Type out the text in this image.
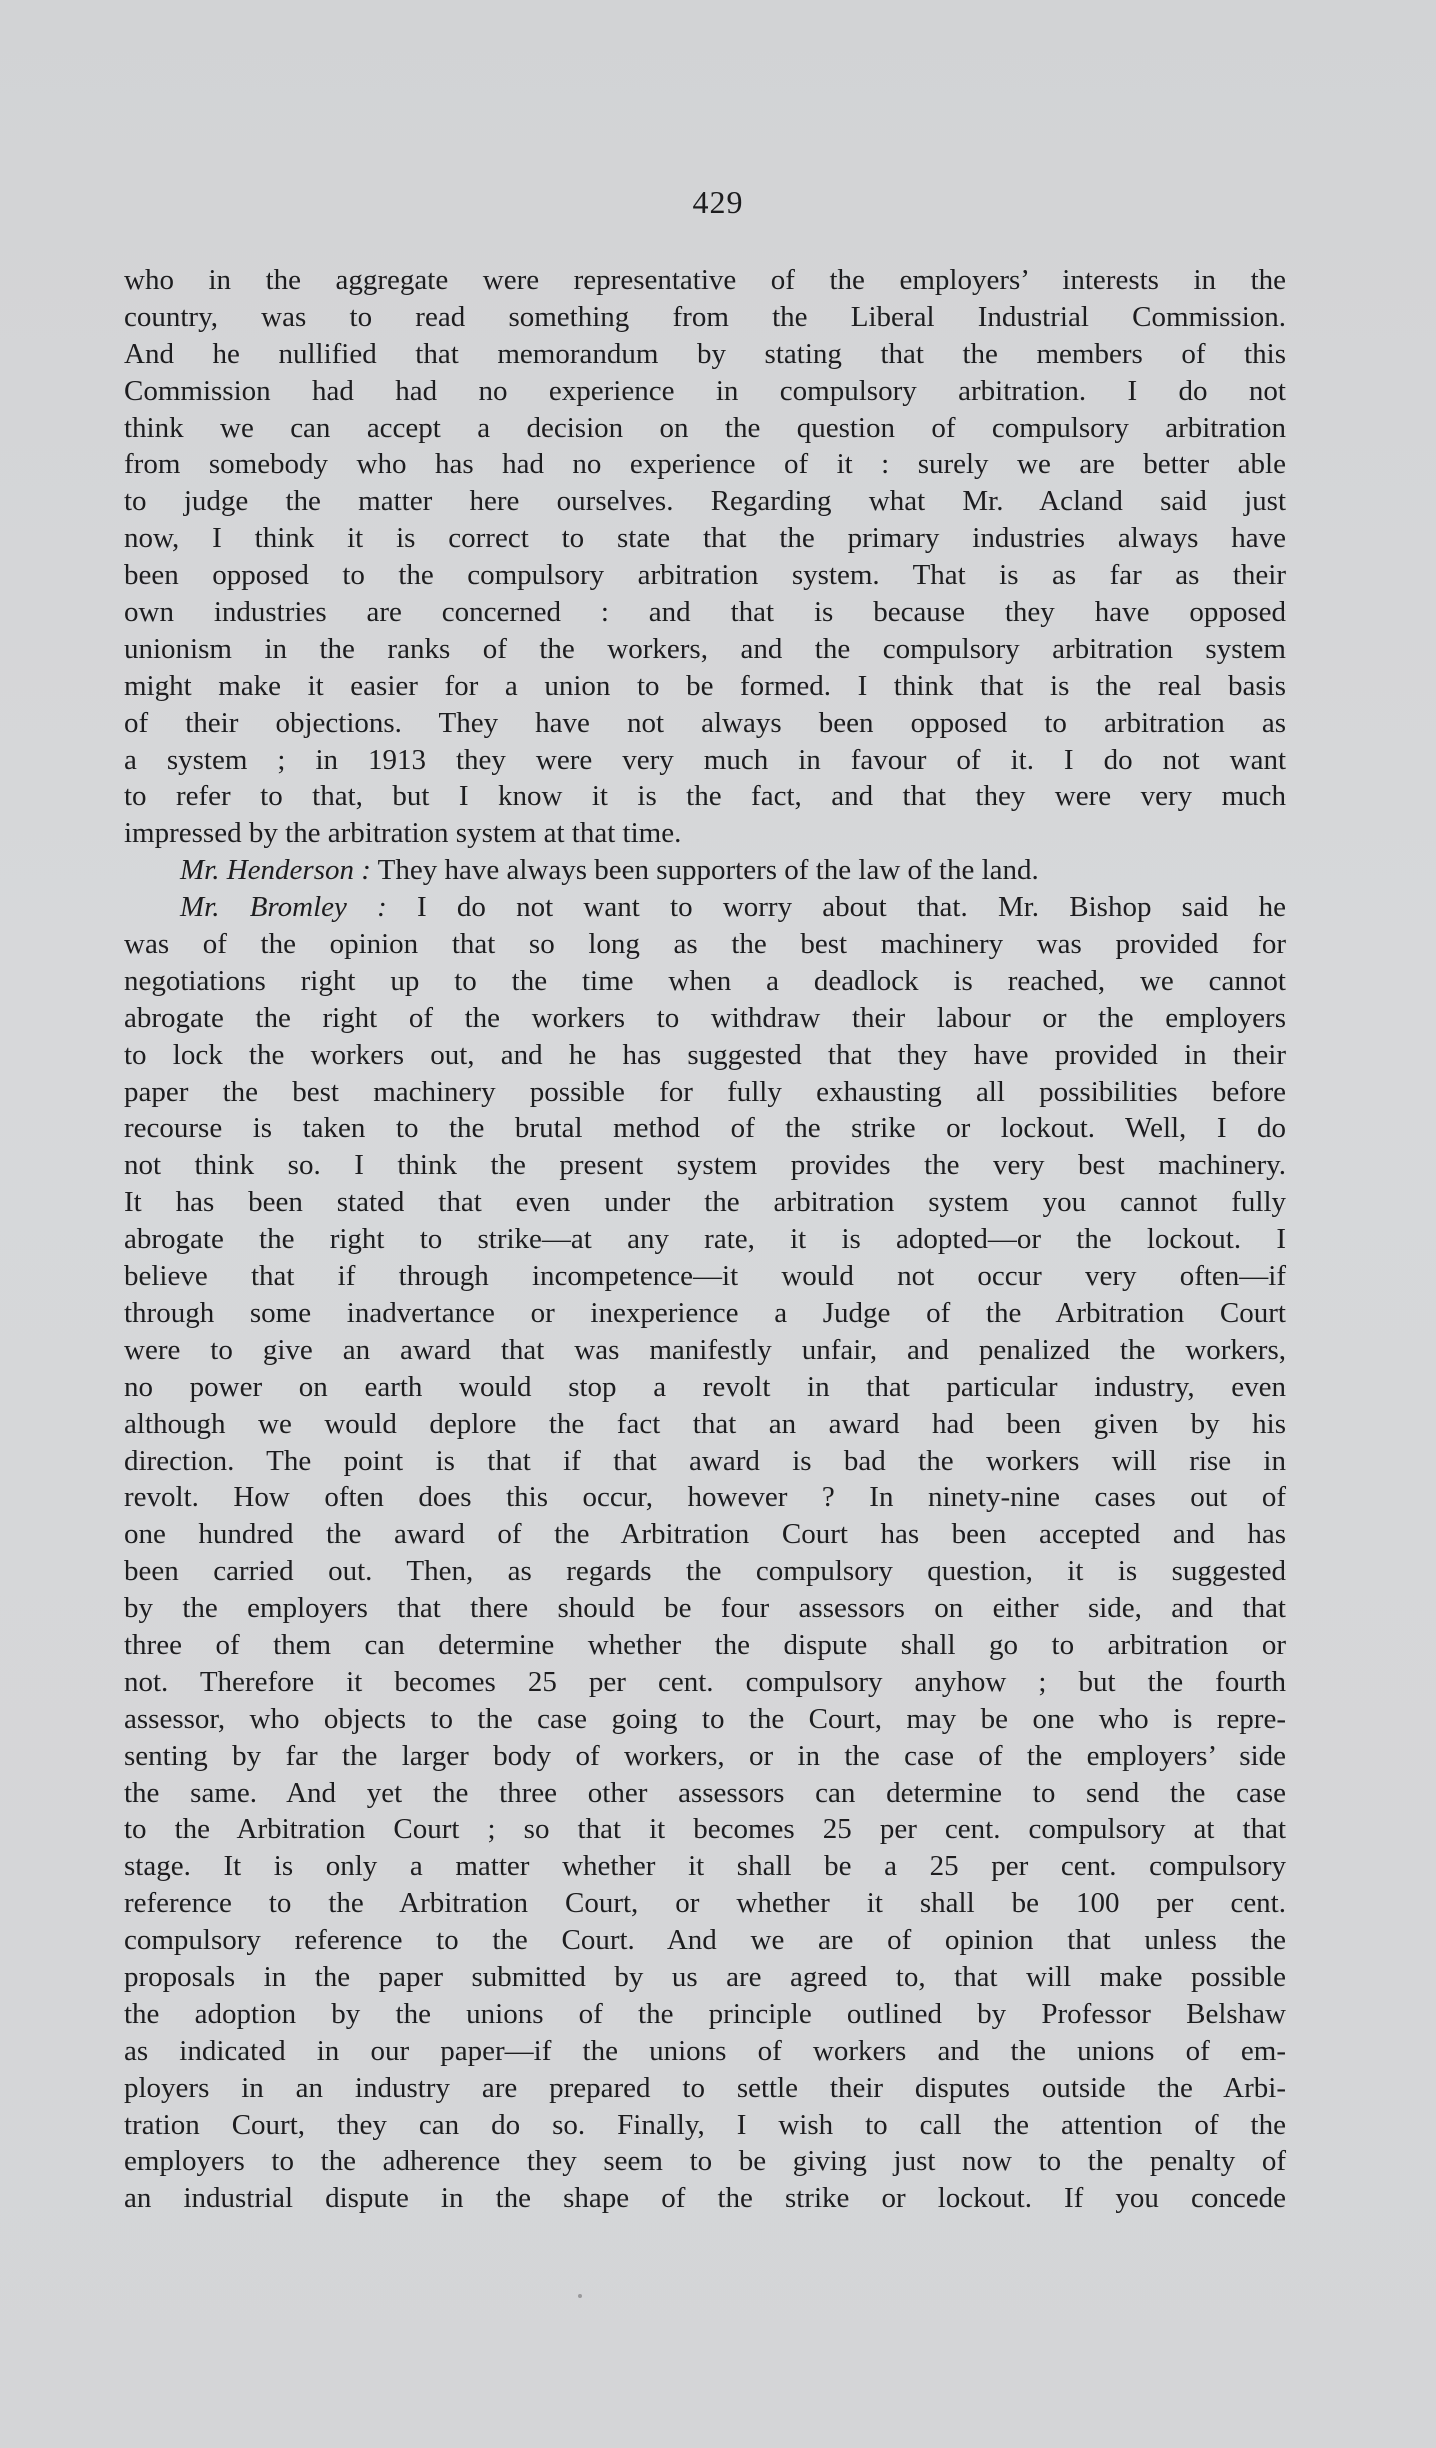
429
who in the aggregate were representative of the employers’ interests in the
country, was to read something from the Liberal Industrial Commission.
And he nullified that memorandum by stating that the members of this
Commission had had no experience in compulsory arbitration. I do not
think we can accept a decision on the question of compulsory arbitration
from somebody who has had no experience of it : surely we are better able
to judge the matter here ourselves. Regarding what Mr. Acland said just
now, I think it is correct to state that the primary industries always have
been opposed to the compulsory arbitration system. That is as far as their
own industries are concerned : and that is because they have opposed
unionism in the ranks of the workers, and the compulsory arbitration system
might make it easier for a union to be formed. I think that is the real basis
of their objections. They have not always been opposed to arbitration as
a system ; in 1913 they were very much in favour of it. I do not want
to refer to that, but I know it is the fact, and that they were very much
impressed by the arbitration system at that time.
Mr. Henderson : They have always been supporters of the law of the land.
Mr. Bromley : I do not want to worry about that. Mr. Bishop said he
was of the opinion that so long as the best machinery was provided for
negotiations right up to the time when a deadlock is reached, we cannot
abrogate the right of the workers to withdraw their labour or the employers
to lock the workers out, and he has suggested that they have provided in their
paper the best machinery possible for fully exhausting all possibilities before
recourse is taken to the brutal method of the strike or lockout. Well, I do
not think so. I think the present system provides the very best machinery.
It has been stated that even under the arbitration system you cannot fully
abrogate the right to strike—at any rate, it is adopted—or the lockout. I
believe that if through incompetence—it would not occur very often—if
through some inadvertance or inexperience a Judge of the Arbitration Court
were to give an award that was manifestly unfair, and penalized the workers,
no power on earth would stop a revolt in that particular industry, even
although we would deplore the fact that an award had been given by his
direction. The point is that if that award is bad the workers will rise in
revolt. How often does this occur, however ? In ninety-nine cases out of
one hundred the award of the Arbitration Court has been accepted and has
been carried out. Then, as regards the compulsory question, it is suggested
by the employers that there should be four assessors on either side, and that
three of them can determine whether the dispute shall go to arbitration or
not. Therefore it becomes 25 per cent. compulsory anyhow ; but the fourth
assessor, who objects to the case going to the Court, may be one who is repre-
senting by far the larger body of workers, or in the case of the employers’ side
the same. And yet the three other assessors can determine to send the case
to the Arbitration Court ; so that it becomes 25 per cent. compulsory at that
stage. It is only a matter whether it shall be a 25 per cent. compulsory
reference to the Arbitration Court, or whether it shall be 100 per cent.
compulsory reference to the Court. And we are of opinion that unless the
proposals in the paper submitted by us are agreed to, that will make possible
the adoption by the unions of the principle outlined by Professor Belshaw
as indicated in our paper—if the unions of workers and the unions of em-
ployers in an industry are prepared to settle their disputes outside the Arbi-
tration Court, they can do so. Finally, I wish to call the attention of the
employers to the adherence they seem to be giving just now to the penalty of
an industrial dispute in the shape of the strike or lockout. If you concede
